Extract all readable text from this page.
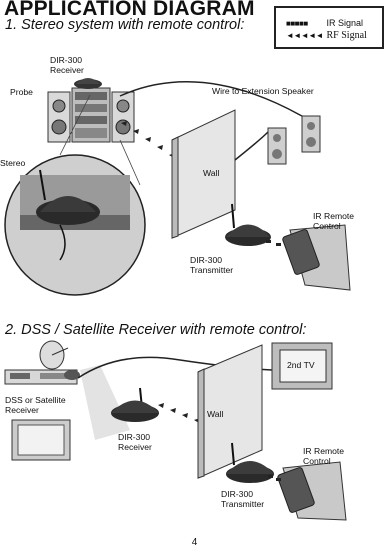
APPLICATION DIAGRAM
1. Stereo system with remote control:	■■■■■ IR Signal
◄◄◄◄◄ RF Signal
DIR-300
Receiver
Probe	Wire to Extension Speaker
Stereo
Wall
IR Remote
Control
DIR-300
Transmitter
2. DSS / Satellite Receiver with remote control:
2nd TV
DSS or Satellite
Receiver	Wall
DIR-300
Receiver	IR Remote
Control
DIR-300
Transmitter
4
